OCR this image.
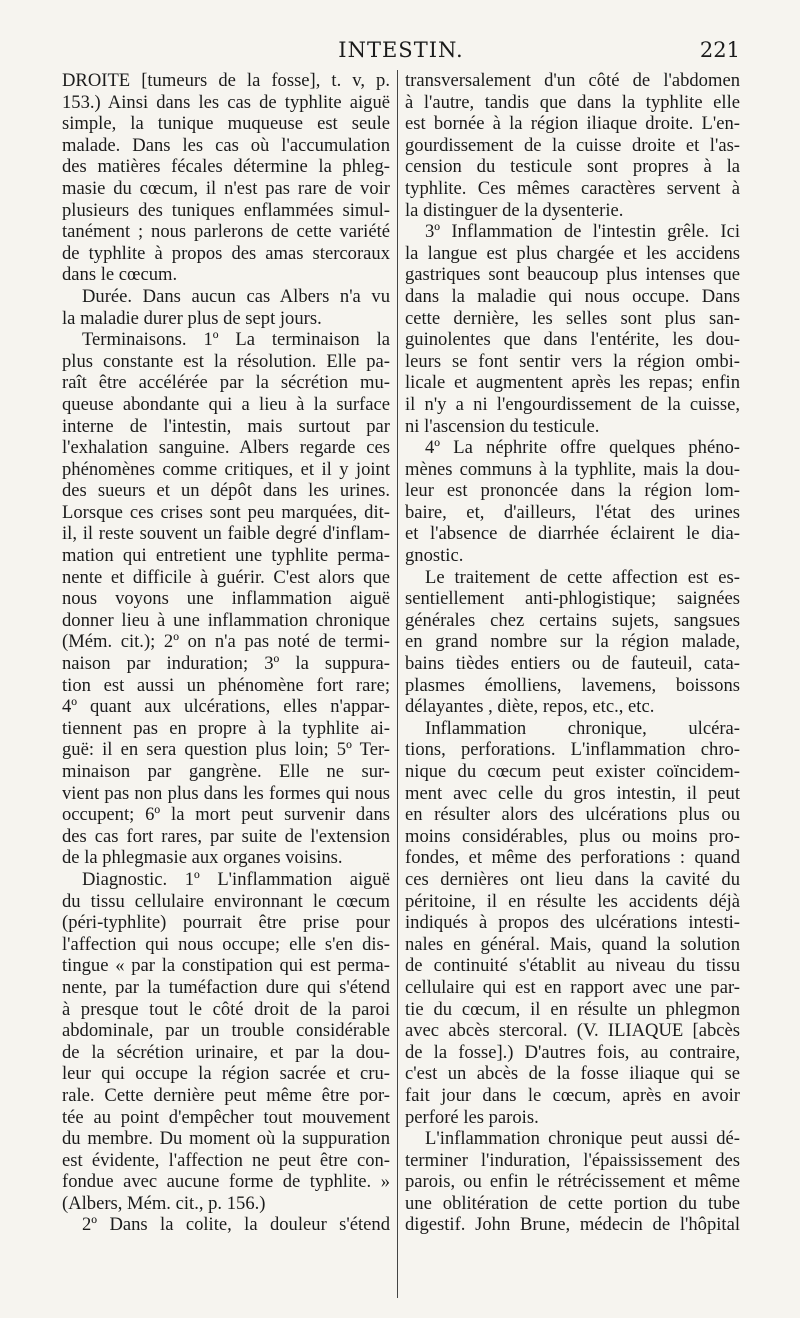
INTESTIN.	221
DROITE [tumeurs de la fosse], t. v, p.
153.) Ainsi dans les cas de typhlite aiguë
simple, la tunique muqueuse est seule
malade. Dans les cas où l'accumulation
des matières fécales détermine la phleg-
masie du cœcum, il n'est pas rare de voir
plusieurs des tuniques enflammées simul-
tanément ; nous parlerons de cette variété
de typhlite à propos des amas stercoraux
dans le cœcum.
Durée. Dans aucun cas Albers n'a vu
la maladie durer plus de sept jours.
Terminaisons. 1º La terminaison la
plus constante est la résolution. Elle pa-
raît être accélérée par la sécrétion mu-
queuse abondante qui a lieu à la surface
interne de l'intestin, mais surtout par
l'exhalation sanguine. Albers regarde ces
phénomènes comme critiques, et il y joint
des sueurs et un dépôt dans les urines.
Lorsque ces crises sont peu marquées, dit-
il, il reste souvent un faible degré d'inflam-
mation qui entretient une typhlite perma-
nente et difficile à guérir. C'est alors que
nous voyons une inflammation aiguë
donner lieu à une inflammation chronique
(Mém. cit.); 2º on n'a pas noté de termi-
naison par induration; 3º la suppura-
tion est aussi un phénomène fort rare;
4º quant aux ulcérations, elles n'appar-
tiennent pas en propre à la typhlite ai-
guë: il en sera question plus loin; 5º Ter-
minaison par gangrène. Elle ne sur-
vient pas non plus dans les formes qui nous
occupent; 6º la mort peut survenir dans
des cas fort rares, par suite de l'extension
de la phlegmasie aux organes voisins.
Diagnostic. 1º L'inflammation aiguë
du tissu cellulaire environnant le cœcum
(péri-typhlite) pourrait être prise pour
l'affection qui nous occupe; elle s'en dis-
tingue « par la constipation qui est perma-
nente, par la tuméfaction dure qui s'étend
à presque tout le côté droit de la paroi
abdominale, par un trouble considérable
de la sécrétion urinaire, et par la dou-
leur qui occupe la région sacrée et cru-
rale. Cette dernière peut même être por-
tée au point d'empêcher tout mouvement
du membre. Du moment où la suppuration
est évidente, l'affection ne peut être con-
fondue avec aucune forme de typhlite. »
(Albers, Mém. cit., p. 156.)
2º Dans la colite, la douleur s'étend
transversalement d'un côté de l'abdomen
à l'autre, tandis que dans la typhlite elle
est bornée à la région iliaque droite. L'en-
gourdissement de la cuisse droite et l'as-
cension du testicule sont propres à la
typhlite. Ces mêmes caractères servent à
la distinguer de la dysenterie.
3º Inflammation de l'intestin grêle. Ici
la langue est plus chargée et les accidens
gastriques sont beaucoup plus intenses que
dans la maladie qui nous occupe. Dans
cette dernière, les selles sont plus san-
guinolentes que dans l'entérite, les dou-
leurs se font sentir vers la région ombi-
licale et augmentent après les repas; enfin
il n'y a ni l'engourdissement de la cuisse,
ni l'ascension du testicule.
4º La néphrite offre quelques phéno-
mènes communs à la typhlite, mais la dou-
leur est prononcée dans la région lom-
baire, et, d'ailleurs, l'état des urines
et l'absence de diarrhée éclairent le dia-
gnostic.
Le traitement de cette affection est es-
sentiellement anti-phlogistique; saignées
générales chez certains sujets, sangsues
en grand nombre sur la région malade,
bains tièdes entiers ou de fauteuil, cata-
plasmes émolliens, lavemens, boissons
délayantes , diète, repos, etc., etc.
Inflammation chronique, ulcéra-
tions, perforations. L'inflammation chro-
nique du cœcum peut exister coïncidem-
ment avec celle du gros intestin, il peut
en résulter alors des ulcérations plus ou
moins considérables, plus ou moins pro-
fondes, et même des perforations : quand
ces dernières ont lieu dans la cavité du
péritoine, il en résulte les accidents déjà
indiqués à propos des ulcérations intesti-
nales en général. Mais, quand la solution
de continuité s'établit au niveau du tissu
cellulaire qui est en rapport avec une par-
tie du cœcum, il en résulte un phlegmon
avec abcès stercoral. (V. ILIAQUE [abcès
de la fosse].) D'autres fois, au contraire,
c'est un abcès de la fosse iliaque qui se
fait jour dans le cœcum, après en avoir
perforé les parois.
L'inflammation chronique peut aussi dé-
terminer l'induration, l'épaississement des
parois, ou enfin le rétrécissement et même
une oblitération de cette portion du tube
digestif. John Brune, médecin de l'hôpital
